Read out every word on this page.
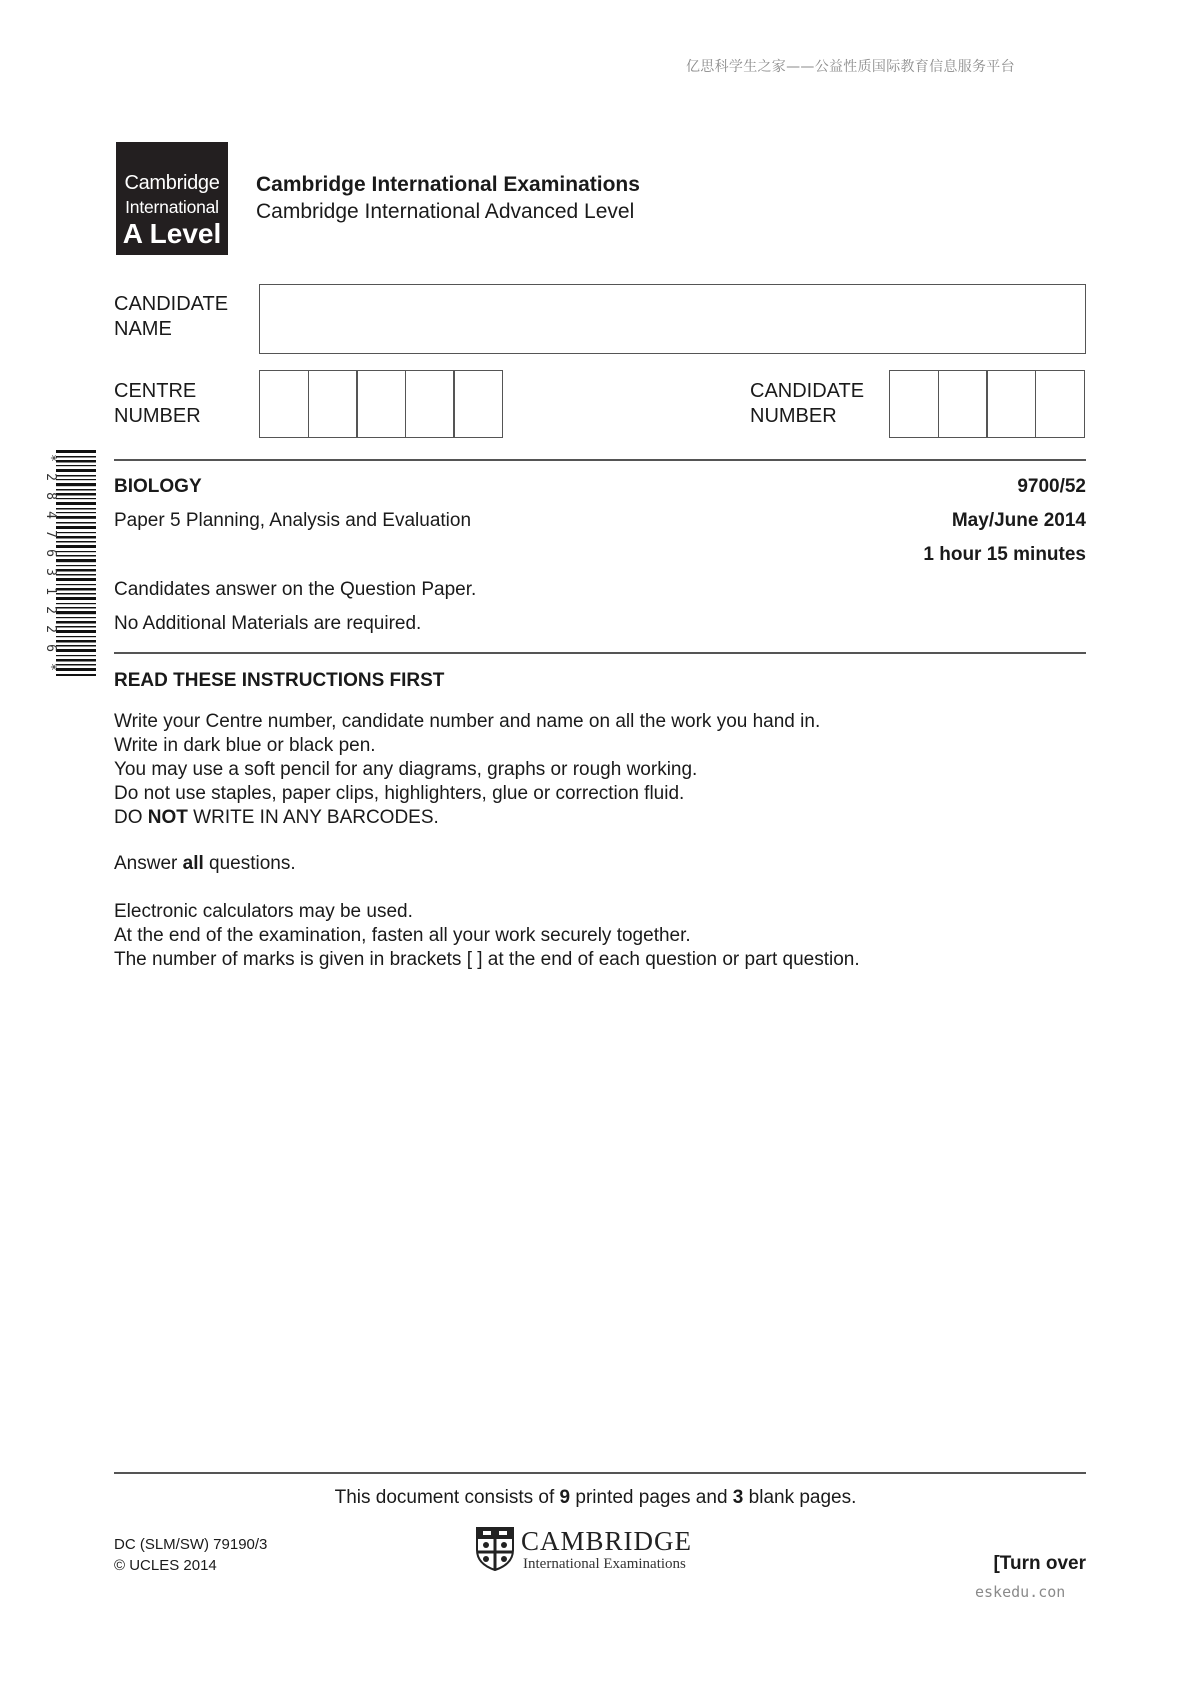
亿思科学生之家——公益性质国际教育信息服务平台
Cambridge
International
A Level
Cambridge International Examinations
Cambridge International Advanced Level
CANDIDATE
NAME
CENTRE
NUMBER
CANDIDATE
NUMBER
*
2
8
4
7
6
3
1
2
2
6
*
BIOLOGY	9700/52
Paper 5 Planning, Analysis and Evaluation	May/June 2014
1 hour 15 minutes
Candidates answer on the Question Paper.
No Additional Materials are required.
READ THESE INSTRUCTIONS FIRST
Write your Centre number, candidate number and name on all the work you hand in.
Write in dark blue or black pen.
You may use a soft pencil for any diagrams, graphs or rough working.
Do not use staples, paper clips, highlighters, glue or correction fluid.
DO NOT WRITE IN ANY BARCODES.
Answer all questions.
Electronic calculators may be used.
At the end of the examination, fasten all your work securely together.
The number of marks is given in brackets [ ] at the end of each question or part question.
This document consists of 9 printed pages and 3 blank pages.
DC (SLM/SW) 79190/3
© UCLES 2014
CAMBRIDGE
International Examinations	[Turn over
eskedu.con
